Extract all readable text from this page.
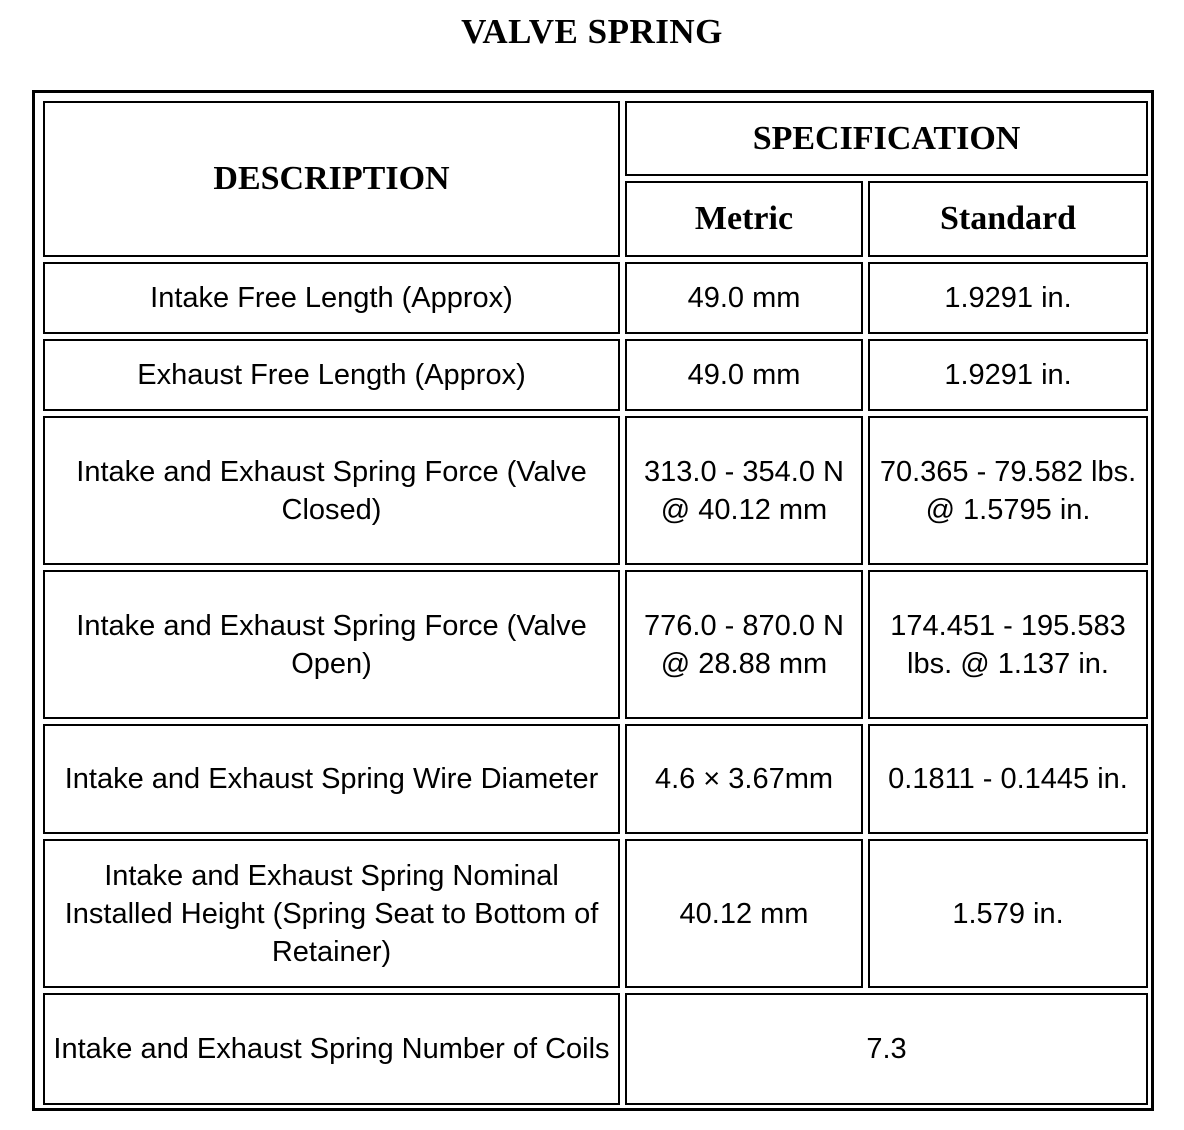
VALVE SPRING
DESCRIPTION	SPECIFICATION	
	Metric	Standard
Intake Free Length (Approx)	49.0 mm	1.9291 in.
Exhaust Free Length (Approx)	49.0 mm	1.9291 in.
Intake and Exhaust Spring Force (Valve Closed)	313.0 - 354.0 N @ 40.12 mm	70.365 - 79.582 lbs. @ 1.5795 in.
Intake and Exhaust Spring Force (Valve Open)	776.0 - 870.0 N @ 28.88 mm	174.451 - 195.583 lbs. @ 1.137 in.
Intake and Exhaust Spring Wire Diameter	4.6 × 3.67mm	0.1811 - 0.1445 in.
Intake and Exhaust Spring Nominal Installed Height (Spring Seat to Bottom of Retainer)	40.12 mm	1.579 in.
Intake and Exhaust Spring Number of Coils	7.3	
